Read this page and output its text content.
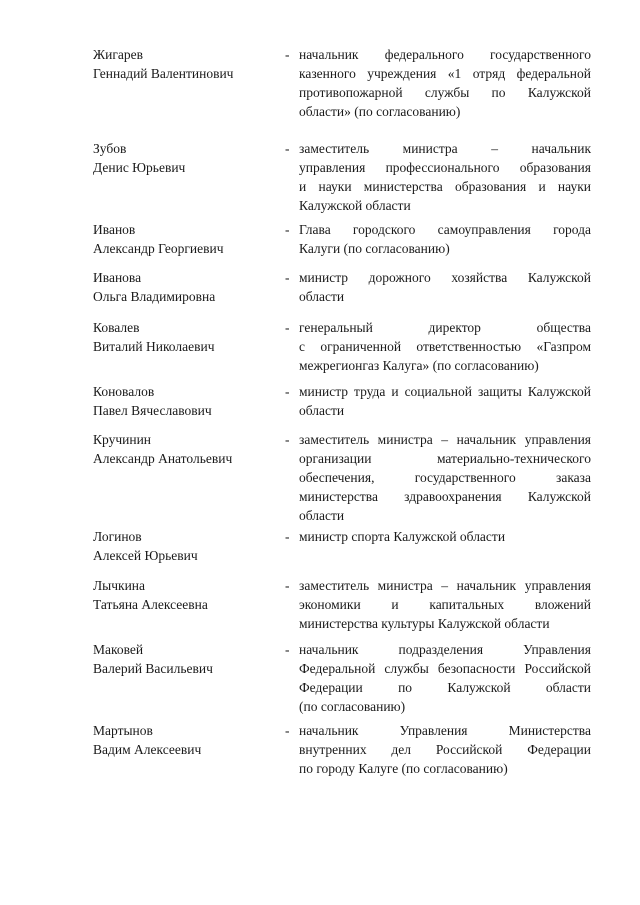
Жигарев
Геннадий Валентинович
- начальник федерального государственного
казенного учреждения «1 отряд федеральной
противопожарной службы по Калужской
области» (по согласованию)
Зубов
Денис Юрьевич
- заместитель министра – начальник
управления профессионального образования
и науки министерства образования и науки
Калужской области
Иванов
Александр Георгиевич
- Глава городского самоуправления города
Калуги (по согласованию)
Иванова
Ольга Владимировна
- министр дорожного хозяйства Калужской
области
Ковалев
Виталий Николаевич
- генеральный директор общества
с ограниченной ответственностью «Газпром
межрегионгаз Калуга» (по согласованию)
Коновалов
Павел Вячеславович
- министр труда и социальной защиты Калужской
области
Кручинин
Александр Анатольевич
- заместитель министра – начальник управления
организации материально-технического
обеспечения, государственного заказа
министерства здравоохранения Калужской
области
Логинов
Алексей Юрьевич
- министр спорта Калужской области
Лычкина
Татьяна Алексеевна
- заместитель министра – начальник управления
экономики и капитальных вложений
министерства культуры Калужской области
Маковей
Валерий Васильевич
- начальник подразделения Управления
Федеральной службы безопасности Российской
Федерации по Калужской области
(по согласованию)
Мартынов
Вадим Алексеевич
- начальник Управления Министерства
внутренних дел Российской Федерации
по городу Калуге (по согласованию)
